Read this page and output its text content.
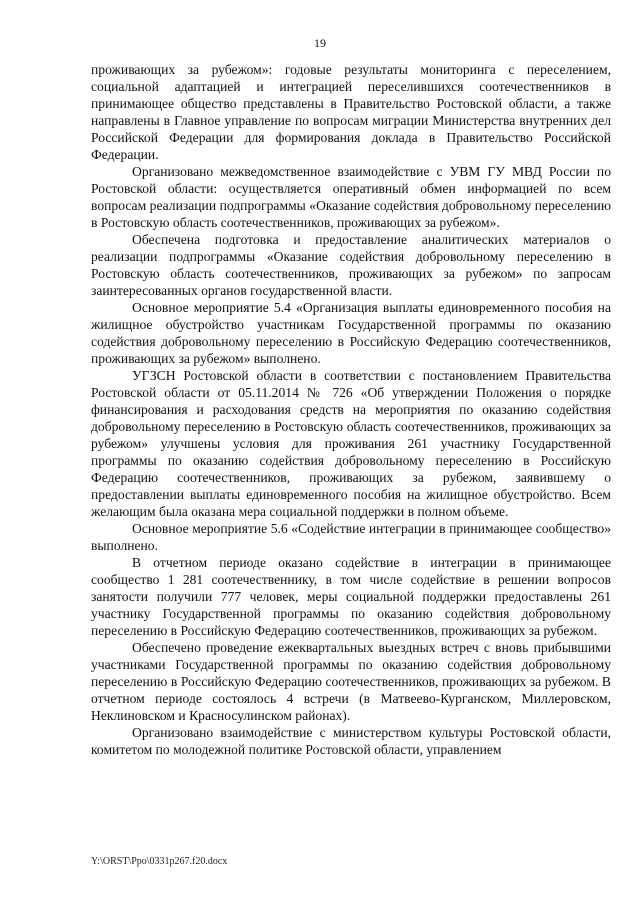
19

проживающих за рубежом»: годовые результаты мониторинга с переселением, социальной адаптацией и интеграцией переселившихся соотечественников в принимающее общество представлены в Правительство Ростовской области, а также направлены в Главное управление по вопросам миграции Министерства внутренних дел Российской Федерации для формирования доклада в Правительство Российской Федерации.

Организовано межведомственное взаимодействие с УВМ ГУ МВД России по Ростовской области: осуществляется оперативный обмен информацией по всем вопросам реализации подпрограммы «Оказание содействия добровольному переселению в Ростовскую область соотечественников, проживающих за рубежом».

Обеспечена подготовка и предоставление аналитических материалов о реализации подпрограммы «Оказание содействия добровольному переселению в Ростовскую область соотечественников, проживающих за рубежом» по запросам заинтересованных органов государственной власти.

Основное мероприятие 5.4 «Организация выплаты единовременного пособия на жилищное обустройство участникам Государственной программы по оказанию содействия добровольному переселению в Российскую Федерацию соотечественников, проживающих за рубежом» выполнено.

УГЗСН Ростовской области в соответствии с постановлением Правительства Ростовской области от 05.11.2014 № 726 «Об утверждении Положения о порядке финансирования и расходования средств на мероприятия по оказанию содействия добровольному переселению в Ростовскую область соотечественников, проживающих за рубежом» улучшены условия для проживания 261 участнику Государственной программы по оказанию содействия добровольному переселению в Российскую Федерацию соотечественников, проживающих за рубежом, заявившему о предоставлении выплаты единовременного пособия на жилищное обустройство. Всем желающим была оказана мера социальной поддержки в полном объеме.

Основное мероприятие 5.6 «Содействие интеграции в принимающее сообщество» выполнено.

В отчетном периоде оказано содействие в интеграции в принимающее сообщество 1 281 соотечественнику, в том числе содействие в решении вопросов занятости получили 777 человек, меры социальной поддержки предоставлены 261 участнику Государственной программы по оказанию содействия добровольному переселению в Российскую Федерацию соотечественников, проживающих за рубежом.

Обеспечено проведение ежеквартальных выездных встреч с вновь прибывшими участниками Государственной программы по оказанию содействия добровольному переселению в Российскую Федерацию соотечественников, проживающих за рубежом. В отчетном периоде состоялось 4 встречи (в Матвеево-Курганском, Миллеровском, Неклиновском и Красносулинском районах).

Организовано взаимодействие с министерством культуры Ростовской области, комитетом по молодежной политике Ростовской области, управлением

Y:\ORST\Ppo\0331p267.f20.docx
